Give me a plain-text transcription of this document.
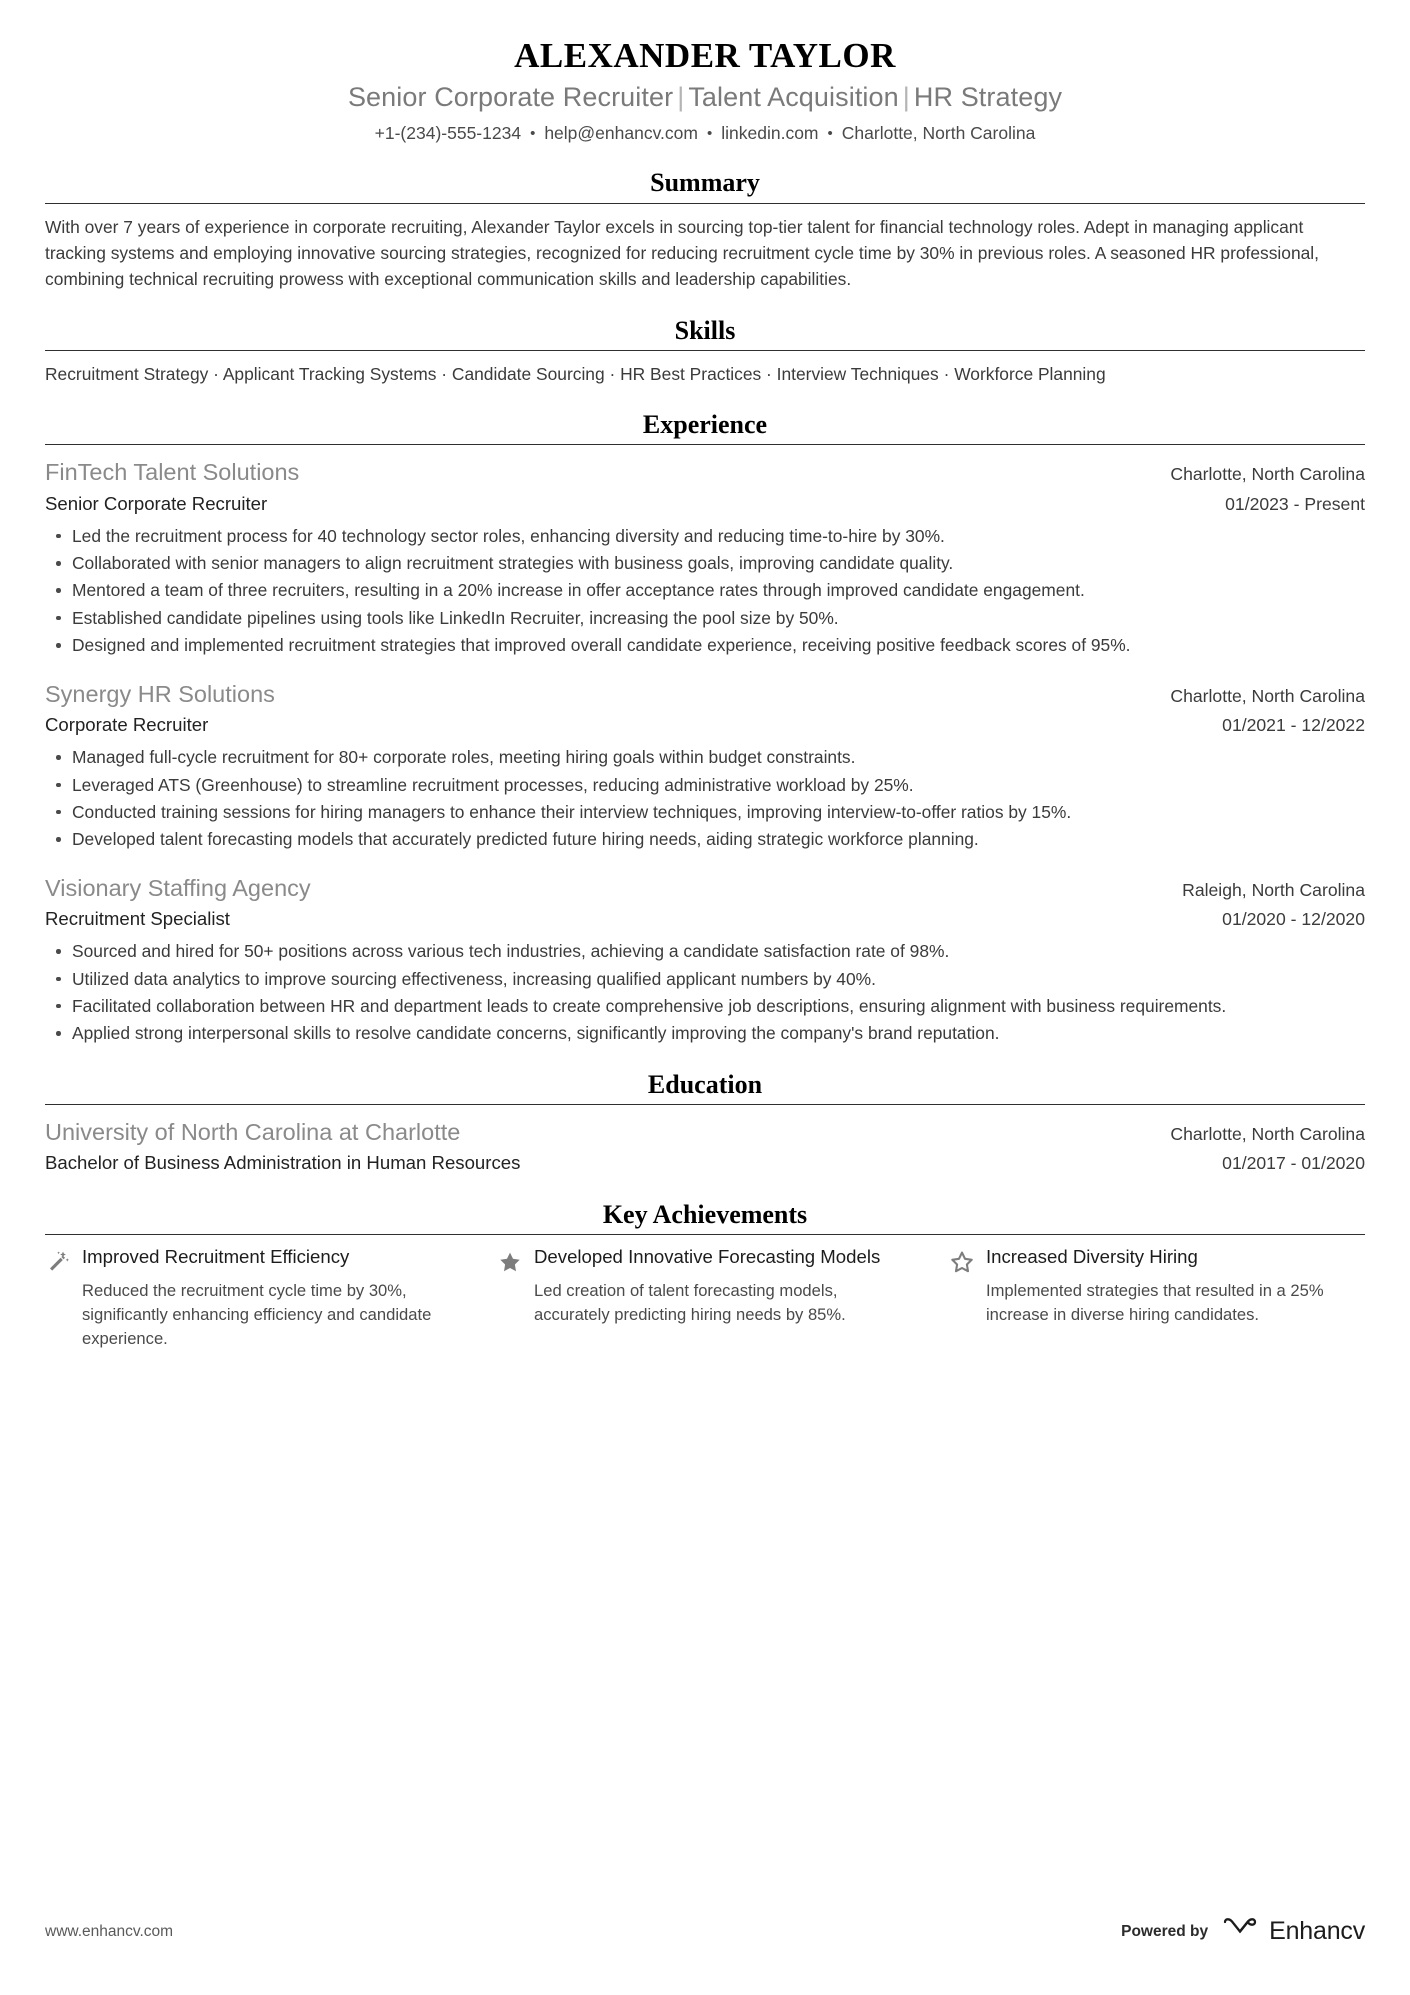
ALEXANDER TAYLOR
Senior Corporate Recruiter | Talent Acquisition | HR Strategy
+1-(234)-555-1234 • help@enhancv.com • linkedin.com • Charlotte, North Carolina
Summary

With over 7 years of experience in corporate recruiting, Alexander Taylor excels in sourcing top-tier talent for financial technology roles. Adept in managing applicant tracking systems and employing innovative sourcing strategies, recognized for reducing recruitment cycle time by 30% in previous roles. A seasoned HR professional, combining technical recruiting prowess with exceptional communication skills and leadership capabilities.

Skills

Recruitment Strategy · Applicant Tracking Systems · Candidate Sourcing · HR Best Practices · Interview Techniques · Workforce Planning

Experience
FinTech Talent Solutions	Charlotte, North Carolina
Senior Corporate Recruiter	01/2023 - Present
Led the recruitment process for 40 technology sector roles, enhancing diversity and reducing time-to-hire by 30%.
Collaborated with senior managers to align recruitment strategies with business goals, improving candidate quality.
Mentored a team of three recruiters, resulting in a 20% increase in offer acceptance rates through improved candidate engagement.
Established candidate pipelines using tools like LinkedIn Recruiter, increasing the pool size by 50%.
Designed and implemented recruitment strategies that improved overall candidate experience, receiving positive feedback scores of 95%.
Synergy HR Solutions	Charlotte, North Carolina
Corporate Recruiter	01/2021 - 12/2022
Managed full-cycle recruitment for 80+ corporate roles, meeting hiring goals within budget constraints.
Leveraged ATS (Greenhouse) to streamline recruitment processes, reducing administrative workload by 25%.
Conducted training sessions for hiring managers to enhance their interview techniques, improving interview-to-offer ratios by 15%.
Developed talent forecasting models that accurately predicted future hiring needs, aiding strategic workforce planning.
Visionary Staffing Agency	Raleigh, North Carolina
Recruitment Specialist	01/2020 - 12/2020
Sourced and hired for 50+ positions across various tech industries, achieving a candidate satisfaction rate of 98%.
Utilized data analytics to improve sourcing effectiveness, increasing qualified applicant numbers by 40%.
Facilitated collaboration between HR and department leads to create comprehensive job descriptions, ensuring alignment with business requirements.
Applied strong interpersonal skills to resolve candidate concerns, significantly improving the company's brand reputation.
Education
University of North Carolina at Charlotte	Charlotte, North Carolina
Bachelor of Business Administration in Human Resources	01/2017 - 01/2020
Key Achievements
Improved Recruitment Efficiency
Reduced the recruitment cycle time by 30%, significantly enhancing efficiency and candidate experience.
Developed Innovative Forecasting Models
Led creation of talent forecasting models, accurately predicting hiring needs by 85%.
Increased Diversity Hiring
Implemented strategies that resulted in a 25% increase in diverse hiring candidates.
www.enhancv.com	Powered by Enhancv
